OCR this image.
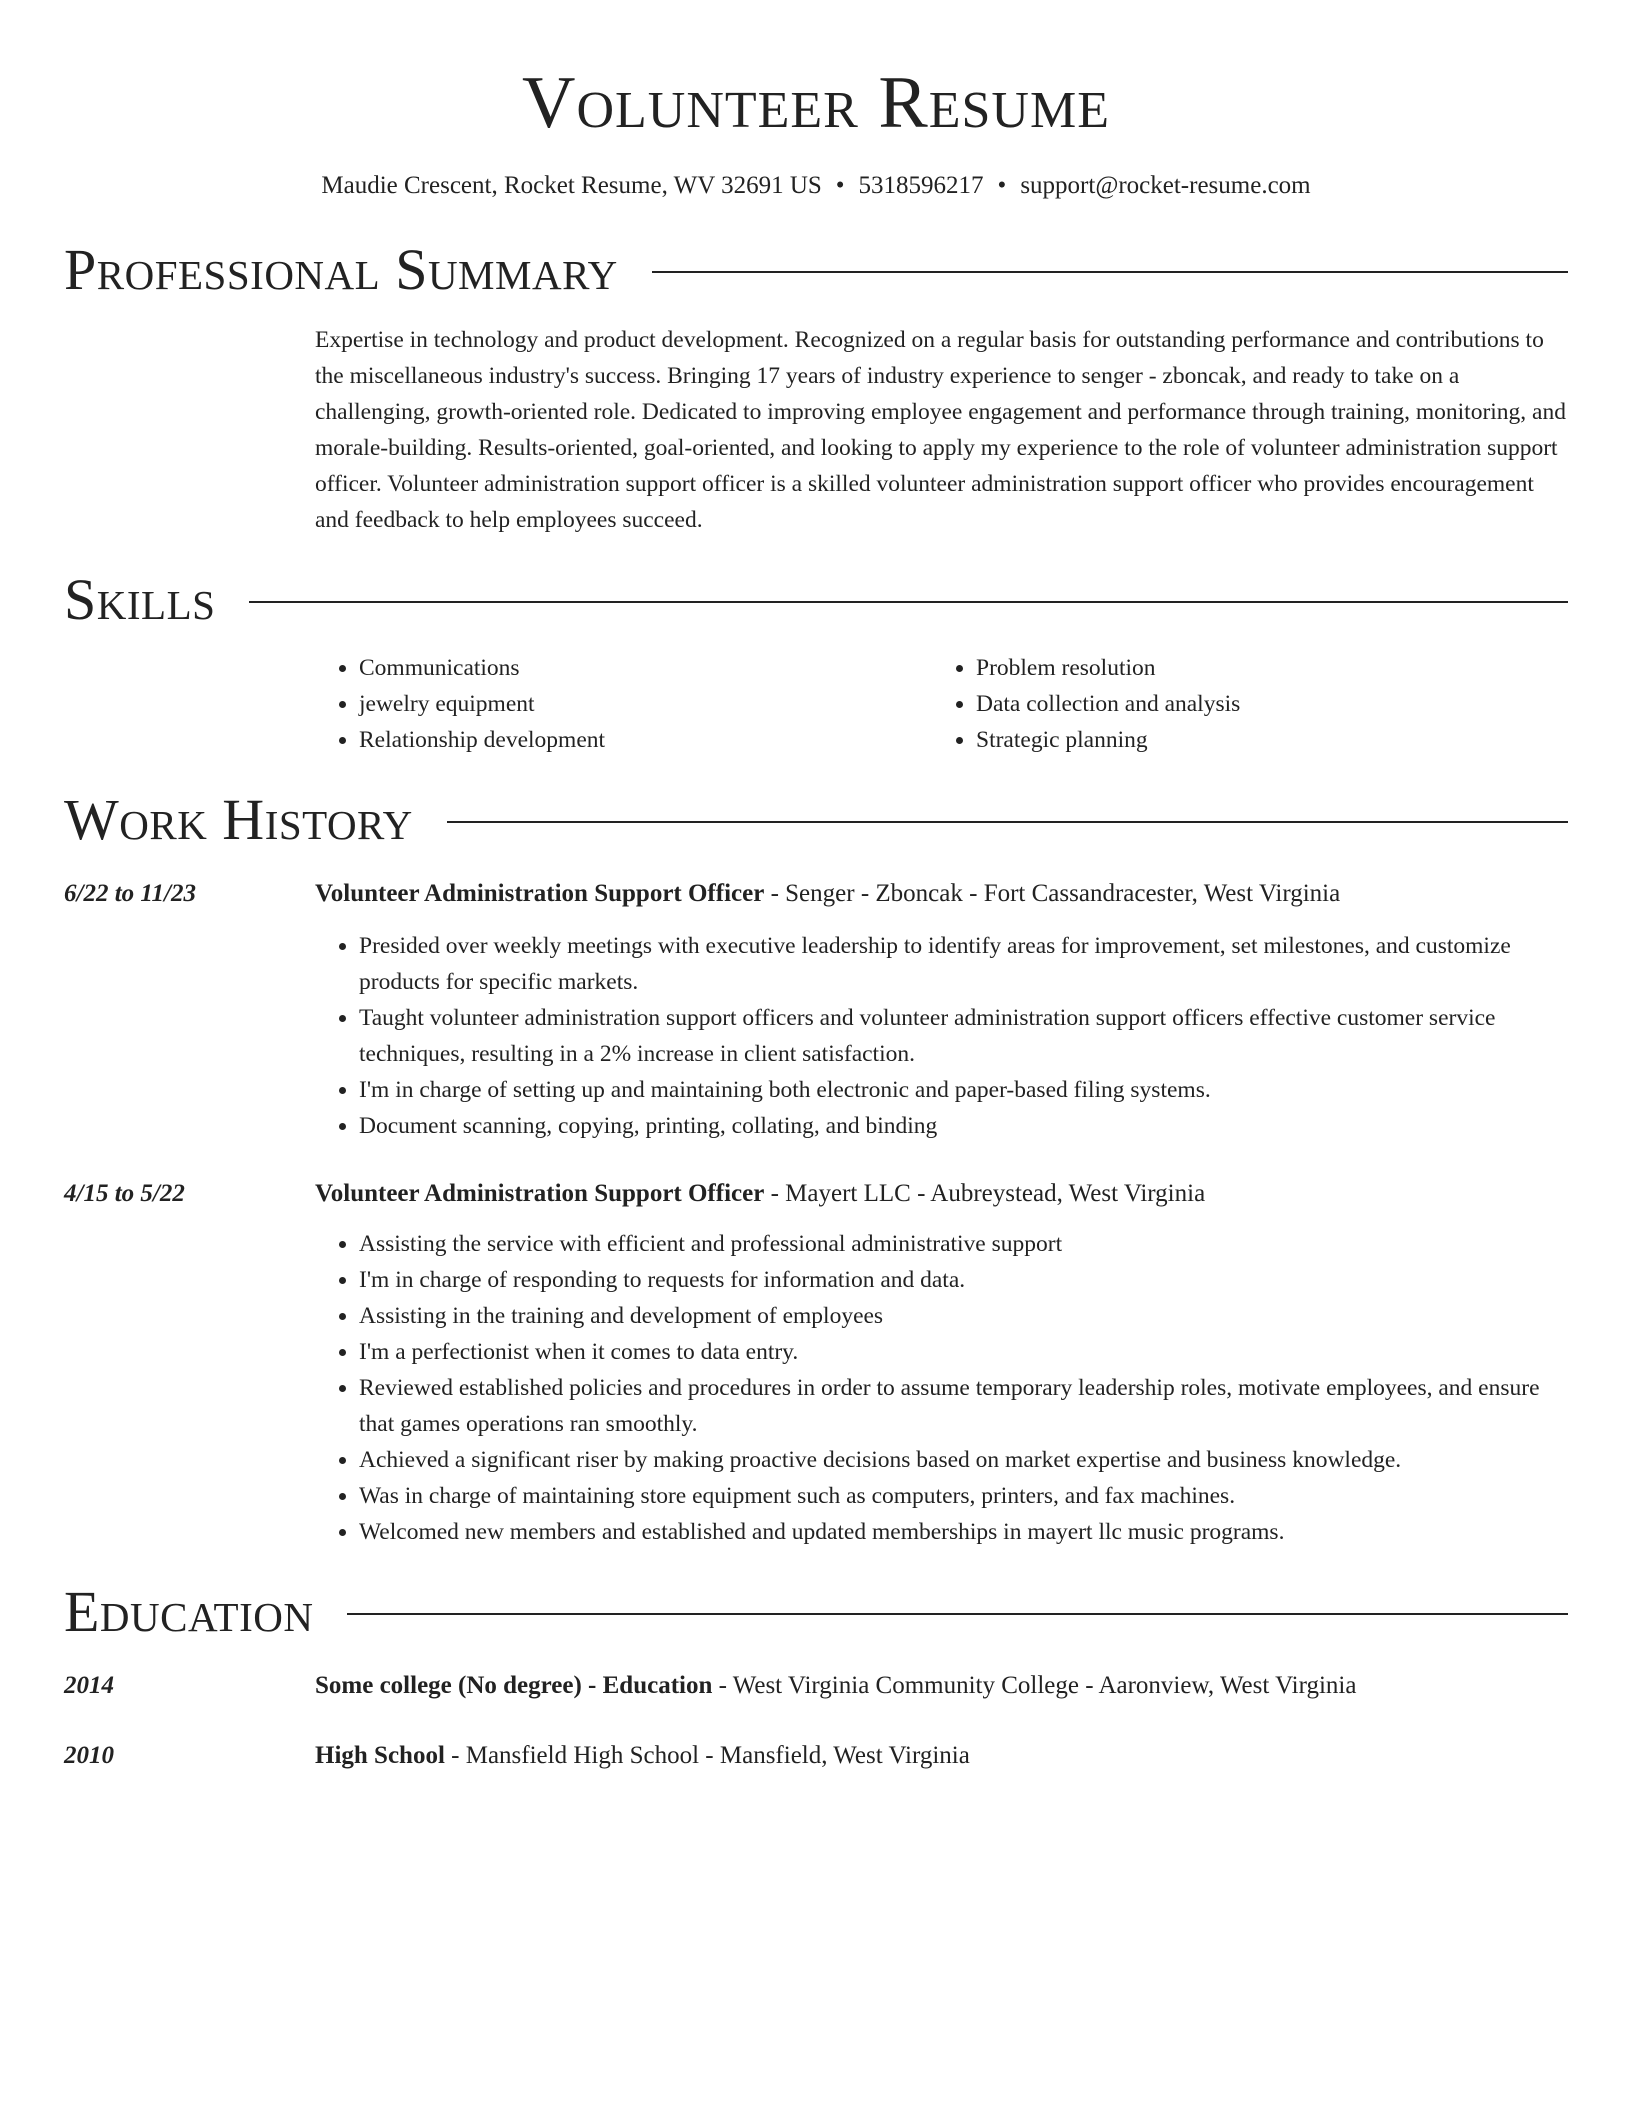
Volunteer Resume
Maudie Crescent, Rocket Resume, WV 32691 US • 5318596217 • support@rocket-resume.com
Professional Summary
Expertise in technology and product development. Recognized on a regular basis for outstanding performance and contributions to the miscellaneous industry's success. Bringing 17 years of industry experience to senger - zboncak, and ready to take on a challenging, growth-oriented role. Dedicated to improving employee engagement and performance through training, monitoring, and morale-building. Results-oriented, goal-oriented, and looking to apply my experience to the role of volunteer administration support officer. Volunteer administration support officer is a skilled volunteer administration support officer who provides encouragement and feedback to help employees succeed.
Skills
• Communications
• jewelry equipment
• Relationship development
• Problem resolution
• Data collection and analysis
• Strategic planning
Work History
6/22 to 11/23	Volunteer Administration Support Officer - Senger - Zboncak - Fort Cassandracester, West Virginia
• Presided over weekly meetings with executive leadership to identify areas for improvement, set milestones, and customize products for specific markets.
• Taught volunteer administration support officers and volunteer administration support officers effective customer service techniques, resulting in a 2% increase in client satisfaction.
• I'm in charge of setting up and maintaining both electronic and paper-based filing systems.
• Document scanning, copying, printing, collating, and binding
4/15 to 5/22	Volunteer Administration Support Officer - Mayert LLC - Aubreystead, West Virginia
• Assisting the service with efficient and professional administrative support
• I'm in charge of responding to requests for information and data.
• Assisting in the training and development of employees
• I'm a perfectionist when it comes to data entry.
• Reviewed established policies and procedures in order to assume temporary leadership roles, motivate employees, and ensure that games operations ran smoothly.
• Achieved a significant riser by making proactive decisions based on market expertise and business knowledge.
• Was in charge of maintaining store equipment such as computers, printers, and fax machines.
• Welcomed new members and established and updated memberships in mayert llc music programs.
Education
2014	Some college (No degree) - Education - West Virginia Community College - Aaronview, West Virginia
2010	High School - Mansfield High School - Mansfield, West Virginia
